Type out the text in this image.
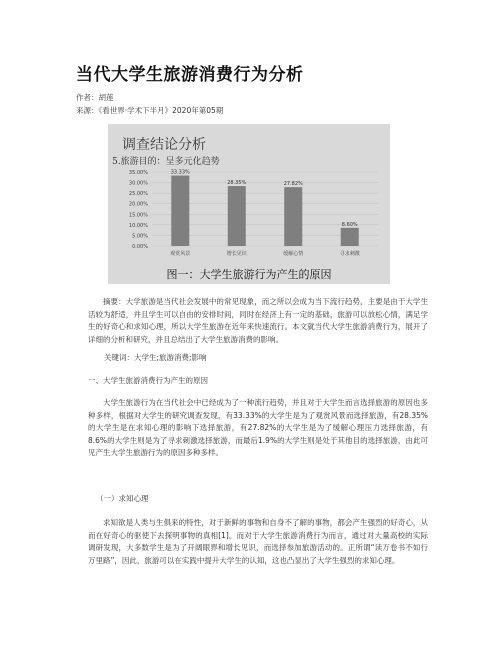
当代大学生旅游消费行为分析
作者：胡莲
来源：《看世界·学术下半月》2020年第05期
调查结论分析
5.旅游目的：呈多元化趋势
35.00%
30.00%
25.00%
20.00%
15.00%
10.00%
5.00%
0.00%
33.33%
观赏风景
28.35%
增长见识
27.82%
缓解心情
8.60%
寻求刺激
图一：大学生旅游行为产生的原因
摘要：大学旅游是当代社会发展中的常见现象，而之所以会成为当下流行趋势，主要是由于大学生活较为舒适，并且学生可以自由的安排时间，同时在经济上有一定的基础，旅游可以放松心情，满足学生的好奇心和求知心理，所以大学生旅游在近年来快速流行。本文就当代大学生旅游消费行为，展开了详细的分析和研究，并且总结出了大学生旅游消费的影响。
关键词：大学生;旅游消费;影响
一、大学生旅游消费行为产生的原因
大学生旅游行为在当代社会中已经成为了一种流行趋势，并且对于大学生而言选择旅游的原因也多种多样，根据对大学生的研究调查发现，有33.33%的大学生是为了观赏风景而选择旅游，有28.35%的大学生是在求知心理的影响下选择旅游，有27.82%的大学生是为了缓解心理压力选择旅游，有8.6%的大学生则是为了寻求刺激选择旅游，而最后1.9%的大学生则是处于其他目的选择旅游，由此可见产生大学生旅游行为的原因多种多样。
（一）求知心理
求知欲是人类与生俱来的特性，对于新鲜的事物和自身不了解的事物，都会产生强烈的好奇心，从而在好奇心的驱使下去探明事物的真相[1]。而对于大学生旅游消费行为而言，通过对大量高校的实际调研发现，大多数学生是为了开阔眼界和增长见识，而选择参加旅游活动的。正所谓“读万卷书不如行万里路”，因此，旅游可以在实践中提升大学生的认知，这也凸显出了大学生强烈的求知心理。
